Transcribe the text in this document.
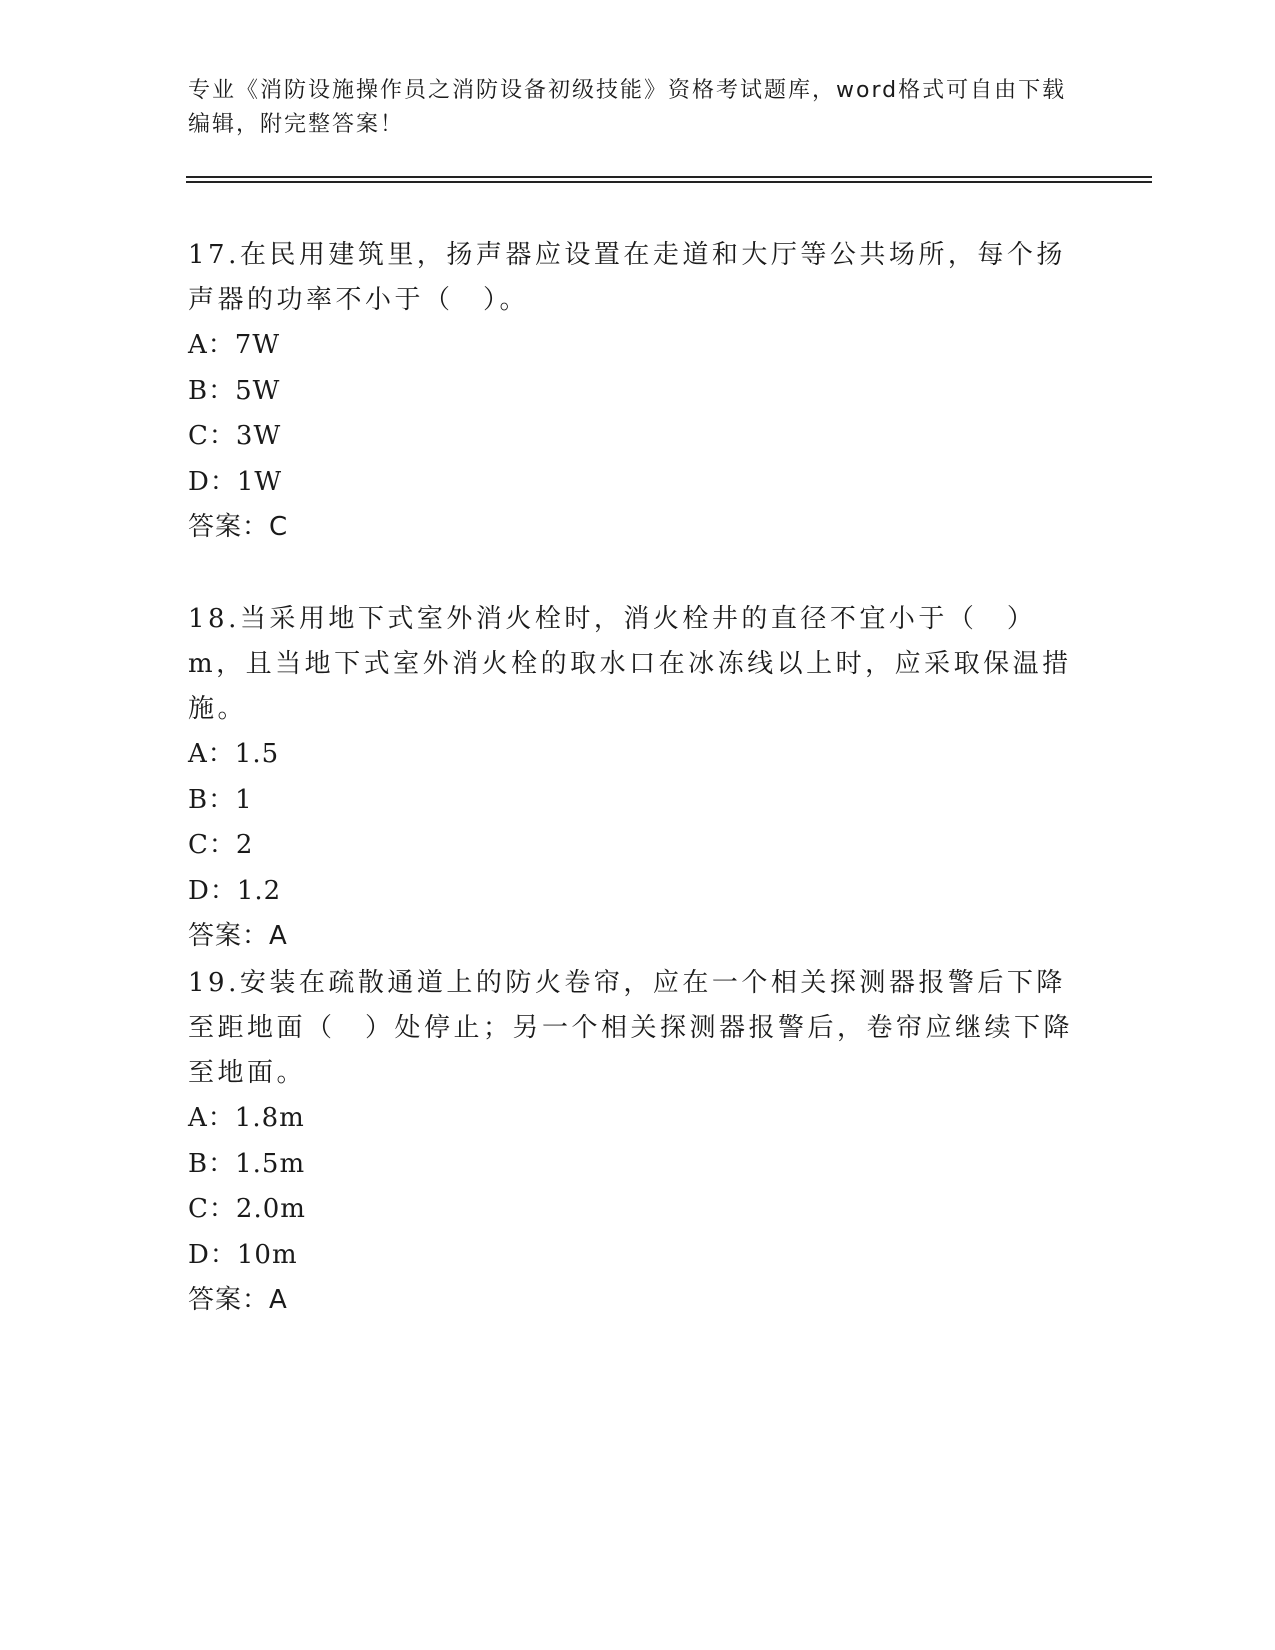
专业《消防设施操作员之消防设备初级技能》资格考试题库，word格式可自由下载编辑，附完整答案！

17.在民用建筑里，扬声器应设置在走道和大厅等公共场所，每个扬声器的功率不小于（　）。

A：7W

B：5W

C：3W

D：1W

答案：C

18.当采用地下式室外消火栓时，消火栓井的直径不宜小于（　）m，且当地下式室外消火栓的取水口在冰冻线以上时，应采取保温措施。

A：1.5

B：1

C：2

D：1.2

答案：A

19.安装在疏散通道上的防火卷帘，应在一个相关探测器报警后下降至距地面（　）处停止；另一个相关探测器报警后，卷帘应继续下降至地面。

A：1.8m

B：1.5m

C：2.0m

D：10m

答案：A
